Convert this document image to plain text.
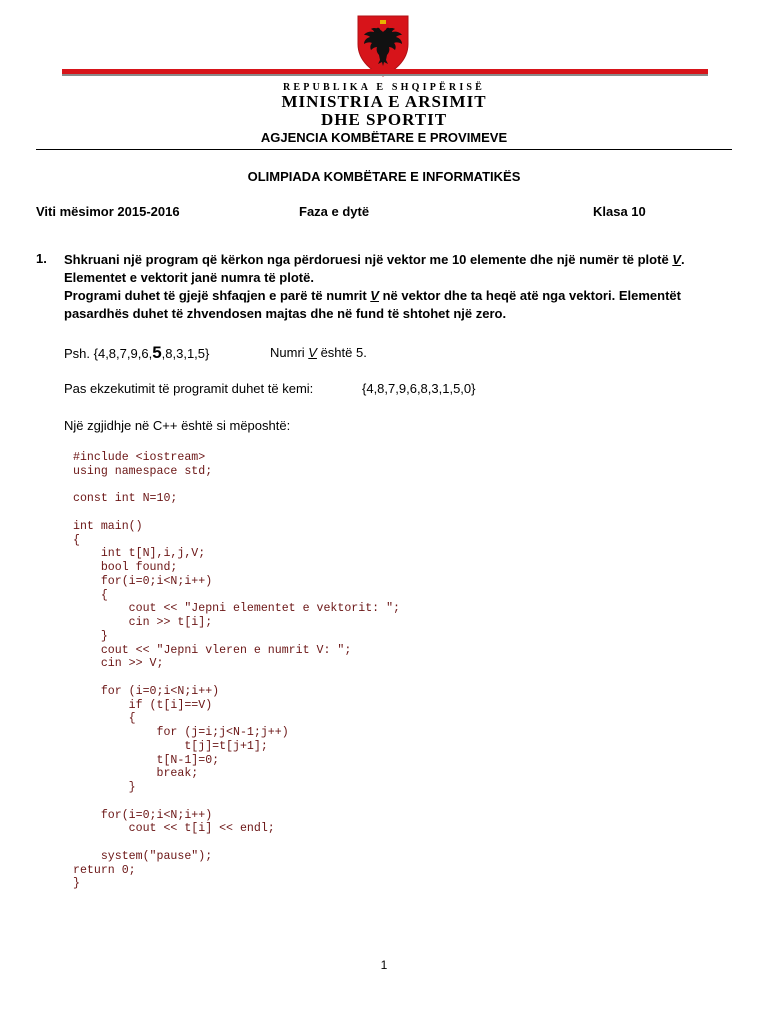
REPUBLIKA E SHQIPËRISË
MINISTRIA E ARSIMIT
DHE SPORTIT
AGJENCIA KOMBËTARE E PROVIMEVE
OLIMPIADA KOMBËTARE E INFORMATIKËS
Viti mësimor 2015-2016	Faza e dytë	Klasa 10
1. Shkruani një program që kërkon nga përdoruesi një vektor me 10 elemente dhe një numër të plotë V.
Elementet e vektorit janë numra të plotë.
Programi duhet të gjejë shfaqjen e parë të numrit V në vektor dhe ta heqë atë nga vektori. Elementët pasardhës duhet të zhvendosen majtas dhe në fund të shtohet një zero.
Psh. {4,8,7,9,6,5,8,3,1,5}	Numri V është 5.
Pas ekzekutimit të programit duhet të kemi:	{4,8,7,9,6,8,3,1,5,0}
Një zgjidhje në C++ është si mëposhtë:
#include <iostream>
using namespace std;

const int N=10;

int main()
{
int t[N],i,j,V;
bool found;
for(i=0;i<N;i++)
{
cout << "Jepni elementet e vektorit: ";
cin >> t[i];
}
cout << "Jepni vleren e numrit V: ";
cin >> V;

for (i=0;i<N;i++)
if (t[i]==V)
{
for (j=i;j<N-1;j++)
t[j]=t[j+1];
t[N-1]=0;
break;
}

for(i=0;i<N;i++)
cout << t[i] << endl;

system("pause");
return 0;
}
1
